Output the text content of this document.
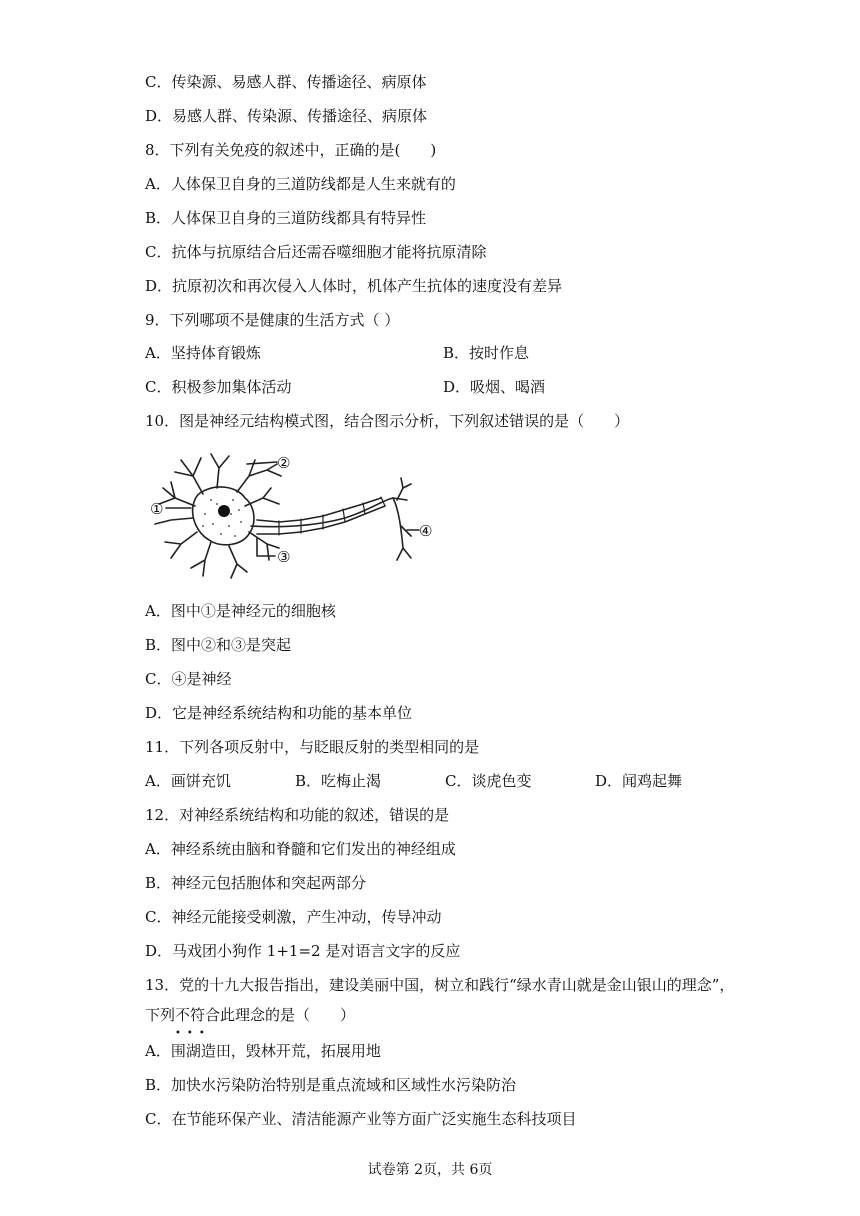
C．传染源、易感人群、传播途径、病原体
D．易感人群、传染源、传播途径、病原体
8．下列有关免疫的叙述中，正确的是(　　)
A．人体保卫自身的三道防线都是人生来就有的
B．人体保卫自身的三道防线都具有特异性
C．抗体与抗原结合后还需吞噬细胞才能将抗原清除
D．抗原初次和再次侵入人体时，机体产生抗体的速度没有差异
9．下列哪项不是健康的生活方式（ ）
A．坚持体育锻炼	B．按时作息
C．积极参加集体活动	D．吸烟、喝酒
10．图是神经元结构模式图，结合图示分析，下列叙述错误的是（　　）
①
②
③
④
A．图中①是神经元的细胞核
B．图中②和③是突起
C．④是神经
D．它是神经系统结构和功能的基本单位
11．下列各项反射中，与眨眼反射的类型相同的是
A．画饼充饥	B．吃梅止渴	C．谈虎色变	D．闻鸡起舞
12．对神经系统结构和功能的叙述，错误的是
A．神经系统由脑和脊髓和它们发出的神经组成
B．神经元包括胞体和突起两部分
C．神经元能接受刺激，产生冲动，传导冲动
D．马戏团小狗作 1+1=2 是对语言文字的反应
13．党的十九大报告指出，建设美丽中国，树立和践行“绿水青山就是金山银山的理念”，
下列不符合
•••
此理念的是（　　）
A．围湖造田，毁林开荒，拓展用地
B．加快水污染防治特别是重点流域和区域性水污染防治
C．在节能环保产业、清洁能源产业等方面广泛实施生态科技项目
试卷第 2页，共 6页
